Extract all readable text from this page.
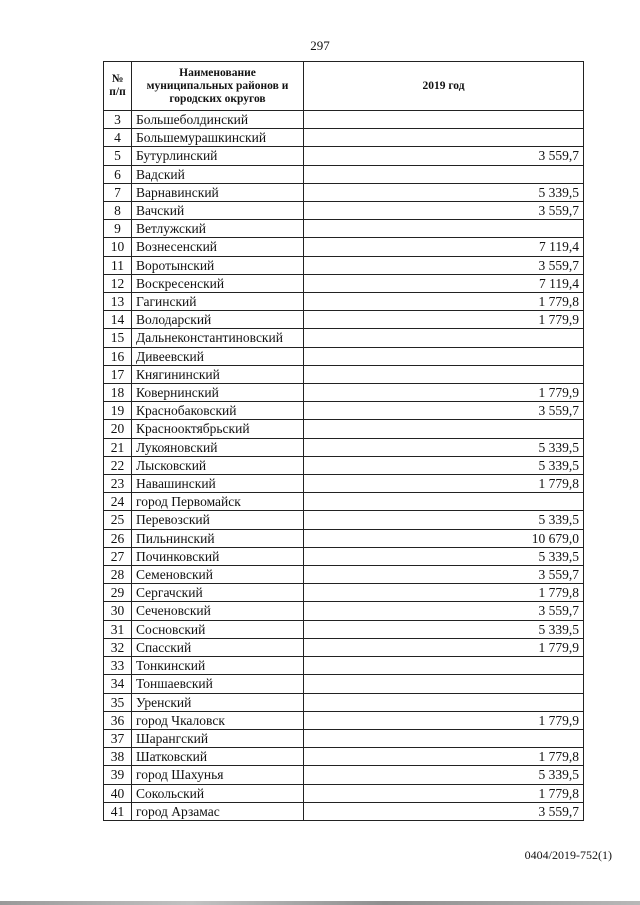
297
№ п/п	Наименование муниципальных районов и городских округов	2019 год
3	Большеболдинский	
4	Большемурашкинский	
5	Бутурлинский	3 559,7
6	Вадский	
7	Варнавинский	5 339,5
8	Вачский	3 559,7
9	Ветлужский	
10	Вознесенский	7 119,4
11	Воротынский	3 559,7
12	Воскресенский	7 119,4
13	Гагинский	1 779,8
14	Володарский	1 779,9
15	Дальнеконстантиновский	
16	Дивеевский	
17	Княгининский	
18	Ковернинский	1 779,9
19	Краснобаковский	3 559,7
20	Краснооктябрьский	
21	Лукояновский	5 339,5
22	Лысковский	5 339,5
23	Навашинский	1 779,8
24	город Первомайск	
25	Перевозский	5 339,5
26	Пильнинский	10 679,0
27	Починковский	5 339,5
28	Семеновский	3 559,7
29	Сергачский	1 779,8
30	Сеченовский	3 559,7
31	Сосновский	5 339,5
32	Спасский	1 779,9
33	Тонкинский	
34	Тоншаевский	
35	Уренский	
36	город Чкаловск	1 779,9
37	Шарангский	
38	Шатковский	1 779,8
39	город Шахунья	5 339,5
40	Сокольский	1 779,8
41	город Арзамас	3 559,7
0404/2019-752(1)
